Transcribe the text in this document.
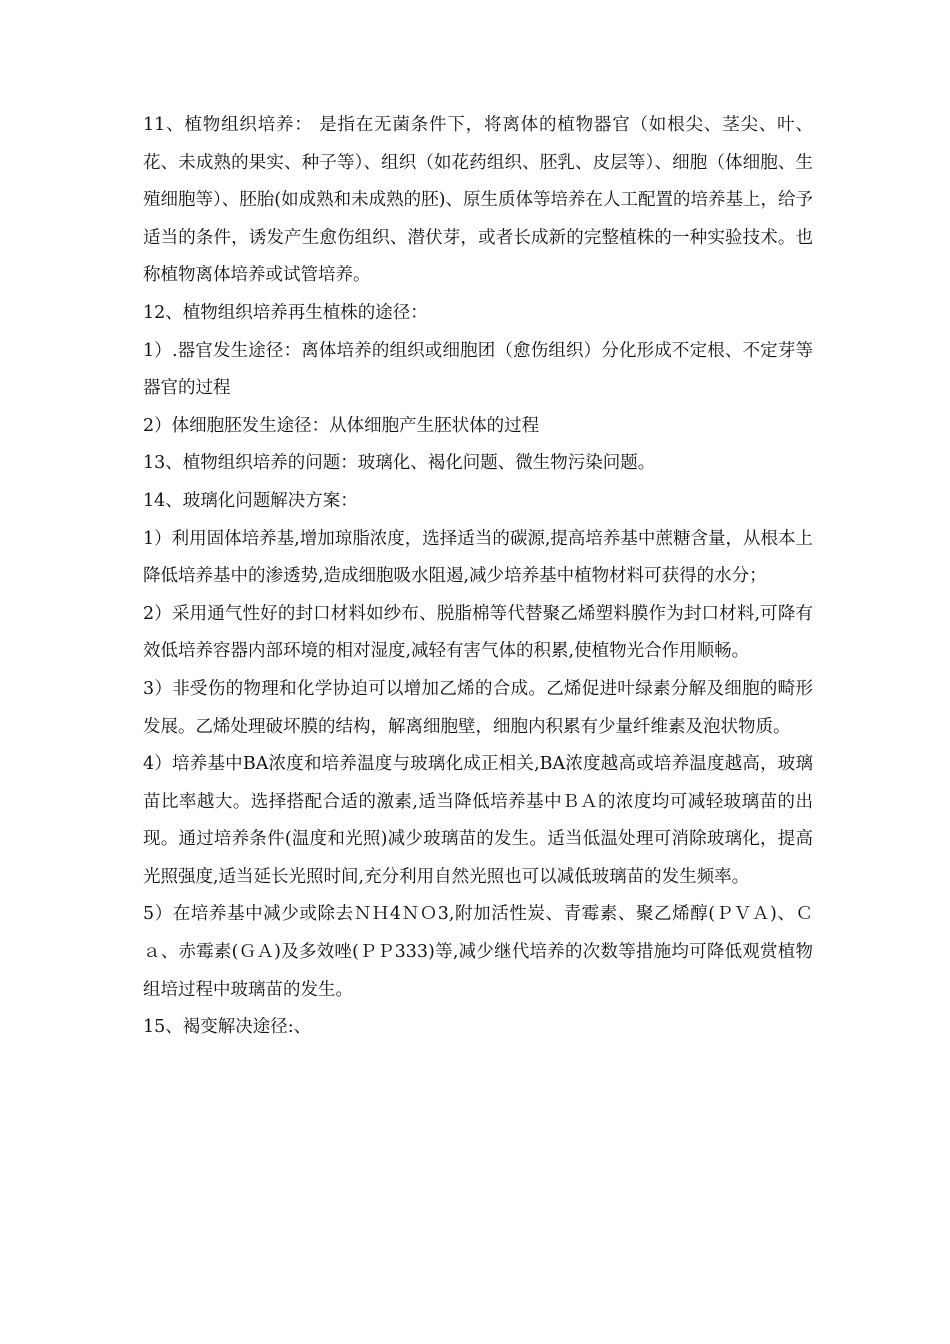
11、植物组织培养： 是指在无菌条件下，将离体的植物器官（如根尖、茎尖、叶、花、未成熟的果实、种子等）、组织（如花药组织、胚乳、皮层等）、细胞（体细胞、生殖细胞等）、胚胎(如成熟和未成熟的胚)、原生质体等培养在人工配置的培养基上，给予适当的条件，诱发产生愈伤组织、潜伏芽，或者长成新的完整植株的一种实验技术。也称植物离体培养或试管培养。

12、植物组织培养再生植株的途径：

1）.器官发生途径：离体培养的组织或细胞团（愈伤组织）分化形成不定根、不定芽等器官的过程

2）体细胞胚发生途径：从体细胞产生胚状体的过程

13、植物组织培养的问题：玻璃化、褐化问题、微生物污染问题。

14、玻璃化问题解决方案：

1）利用固体培养基,增加琼脂浓度，选择适当的碳源,提高培养基中蔗糖含量，从根本上降低培养基中的渗透势,造成细胞吸水阻遏,减少培养基中植物材料可获得的水分；

2）采用通气性好的封口材料如纱布、脱脂棉等代替聚乙烯塑料膜作为封口材料,可降有效低培养容器内部环境的相对湿度,减轻有害气体的积累,使植物光合作用顺畅。

3）非受伤的物理和化学协迫可以增加乙烯的合成。乙烯促进叶绿素分解及细胞的畸形发展。乙烯处理破坏膜的结构，解离细胞壁，细胞内积累有少量纤维素及泡状物质。

4）培养基中BA浓度和培养温度与玻璃化成正相关,BA浓度越高或培养温度越高，玻璃苗比率越大。选择搭配合适的激素,适当降低培养基中ＢＡ的浓度均可减轻玻璃苗的出现。通过培养条件(温度和光照)减少玻璃苗的发生。适当低温处理可消除玻璃化，提高光照强度,适当延长光照时间,充分利用自然光照也可以减低玻璃苗的发生频率。

5）在培养基中减少或除去ＮＨ4ＮＯ3,附加活性炭、青霉素、聚乙烯醇(ＰＶＡ)、Ｃａ、赤霉素(ＧＡ)及多效唑(ＰＰ333)等,减少继代培养的次数等措施均可降低观赏植物组培过程中玻璃苗的发生。

15、褐变解决途径:、
